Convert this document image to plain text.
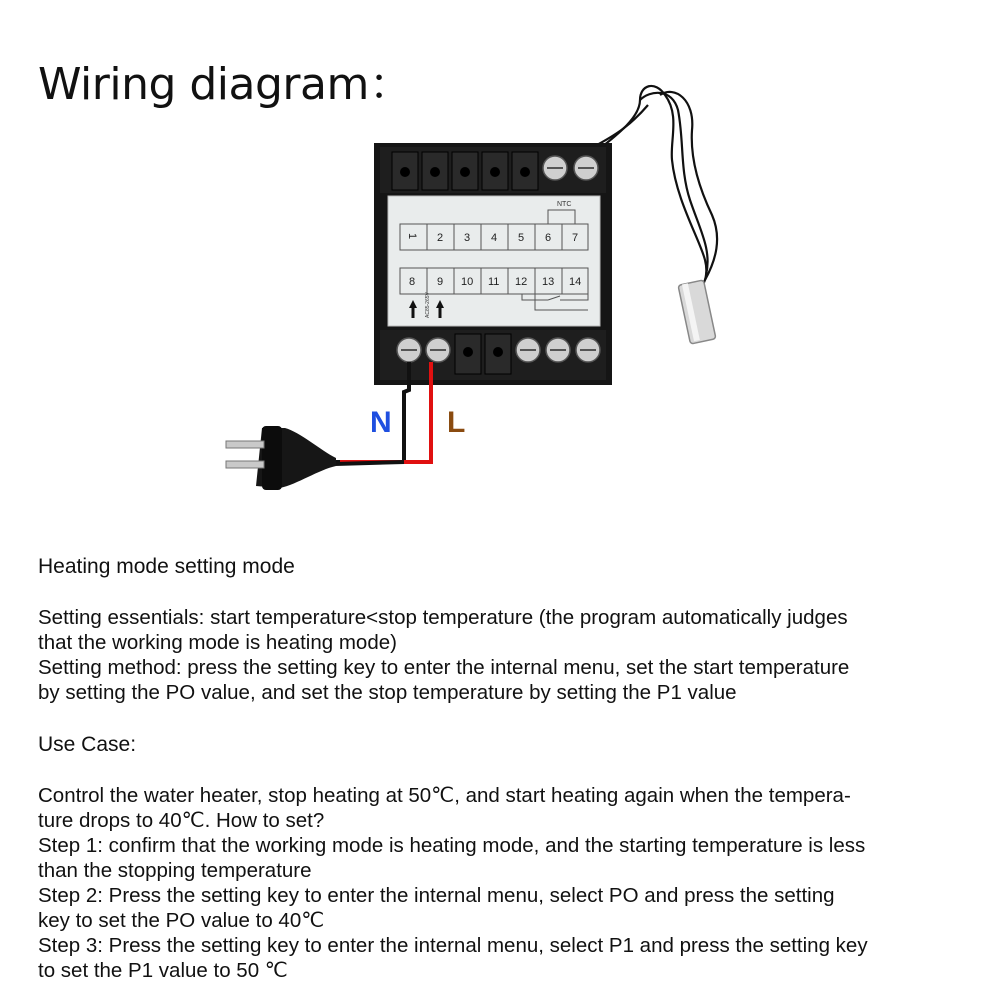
Wiring diagram：
NTC
1 2 3 4 5 6 7
8 9 10 11 12 13 14
AC85-265V
N L
Heating mode setting mode

Setting essentials: start temperature<stop temperature (the program automatically judges
that the working mode is heating mode)

Setting method: press the setting key to enter the internal menu, set the start temperature
by setting the PO value, and set the stop temperature by setting the P1 value

Use Case:

Control the water heater, stop heating at 50℃, and start heating again when the tempera-
ture drops to 40℃. How to set?

Step 1: confirm that the working mode is heating mode, and the starting temperature is less
than the stopping temperature

Step 2: Press the setting key to enter the internal menu, select PO and press the setting
key to set the PO value to 40℃

Step 3: Press the setting key to enter the internal menu, select P1 and press the setting key
to set the P1 value to 50 ℃
